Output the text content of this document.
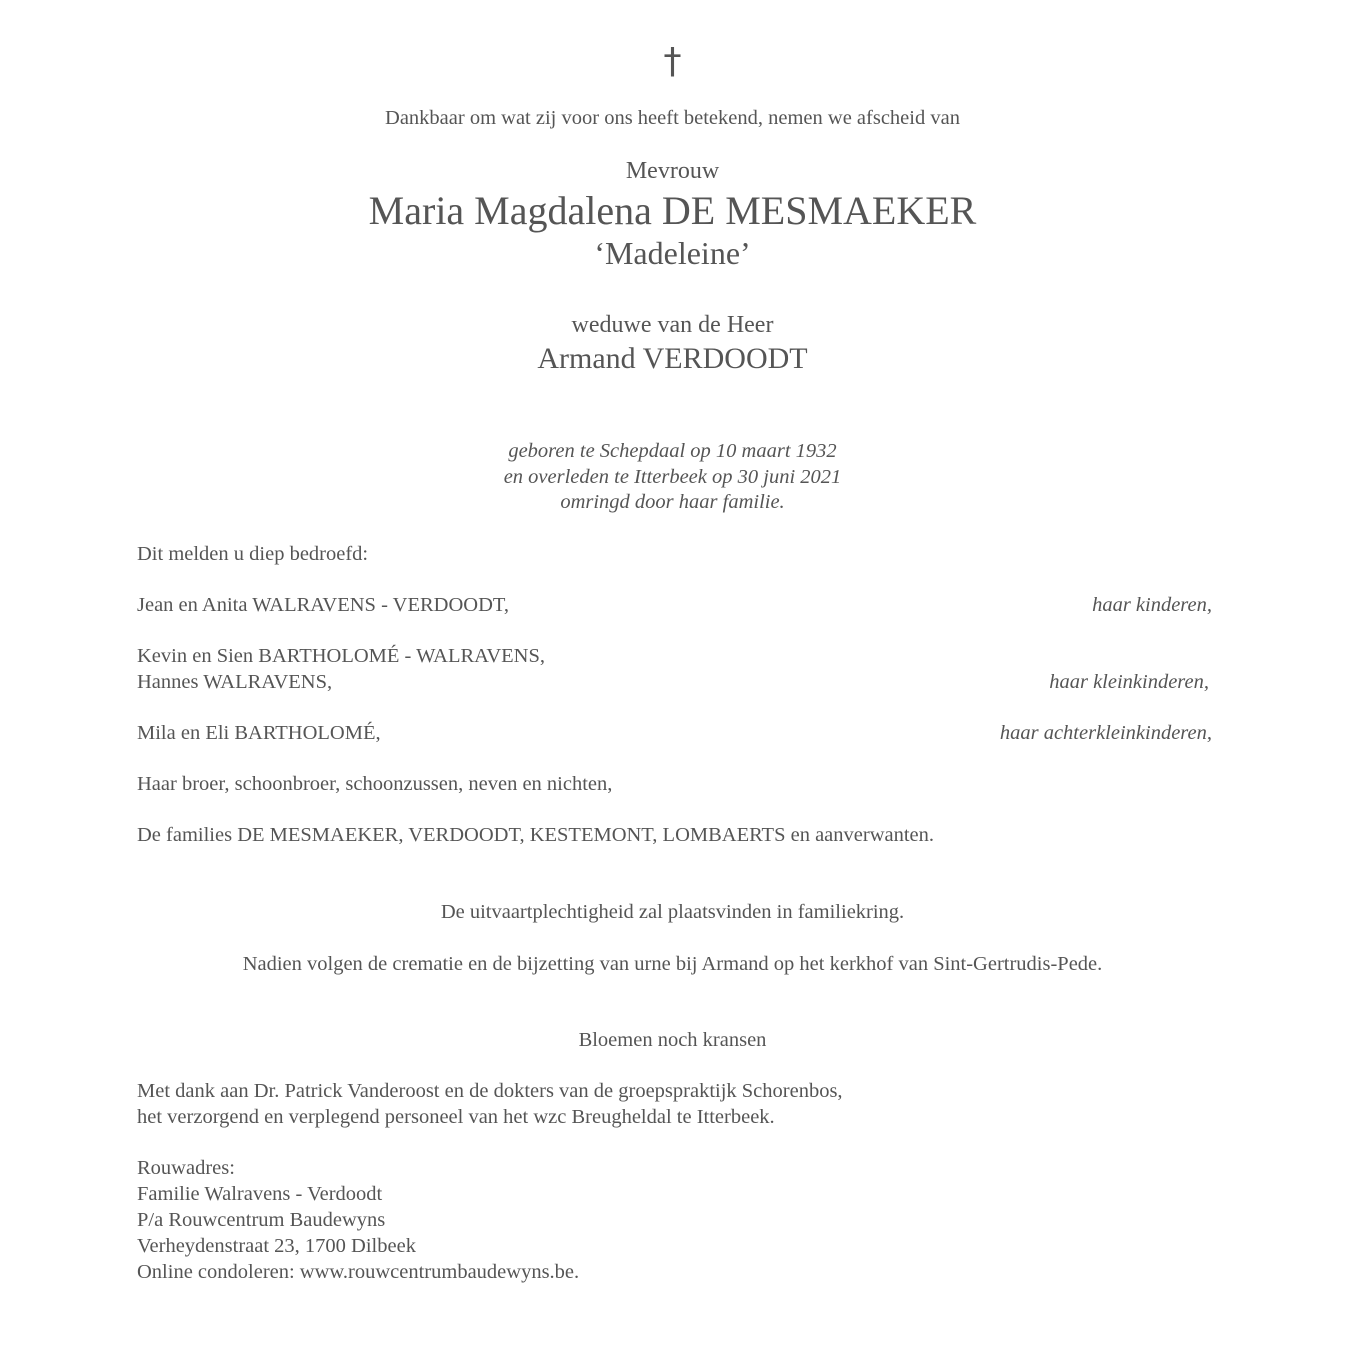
†
Dankbaar om wat zij voor ons heeft betekend, nemen we afscheid van
Mevrouw
Maria Magdalena DE MESMAEKER
‘Madeleine’
weduwe van de Heer
Armand VERDOODT
geboren te Schepdaal op 10 maart 1932
en overleden te Itterbeek op 30 juni 2021
omringd door haar familie.
Dit melden u diep bedroefd:
Jean en Anita WALRAVENS - VERDOODT,	haar kinderen,
Kevin en Sien BARTHOLOMÉ - WALRAVENS,
Hannes WALRAVENS,	haar kleinkinderen,
Mila en Eli BARTHOLOMÉ,	haar achterkleinkinderen,
Haar broer, schoonbroer, schoonzussen, neven en nichten,
De families DE MESMAEKER, VERDOODT, KESTEMONT, LOMBAERTS en aanverwanten.
De uitvaartplechtigheid zal plaatsvinden in familiekring.
Nadien volgen de crematie en de bijzetting van urne bij Armand op het kerkhof van Sint-Gertrudis-Pede.
Bloemen noch kransen
Met dank aan Dr. Patrick Vanderoost en de dokters van de groepspraktijk Schorenbos,
het verzorgend en verplegend personeel van het wzc Breugheldal te Itterbeek.
Rouwadres:
Familie Walravens - Verdoodt
P/a Rouwcentrum Baudewyns
Verheydenstraat 23, 1700 Dilbeek
Online condoleren: www.rouwcentrumbaudewyns.be.
